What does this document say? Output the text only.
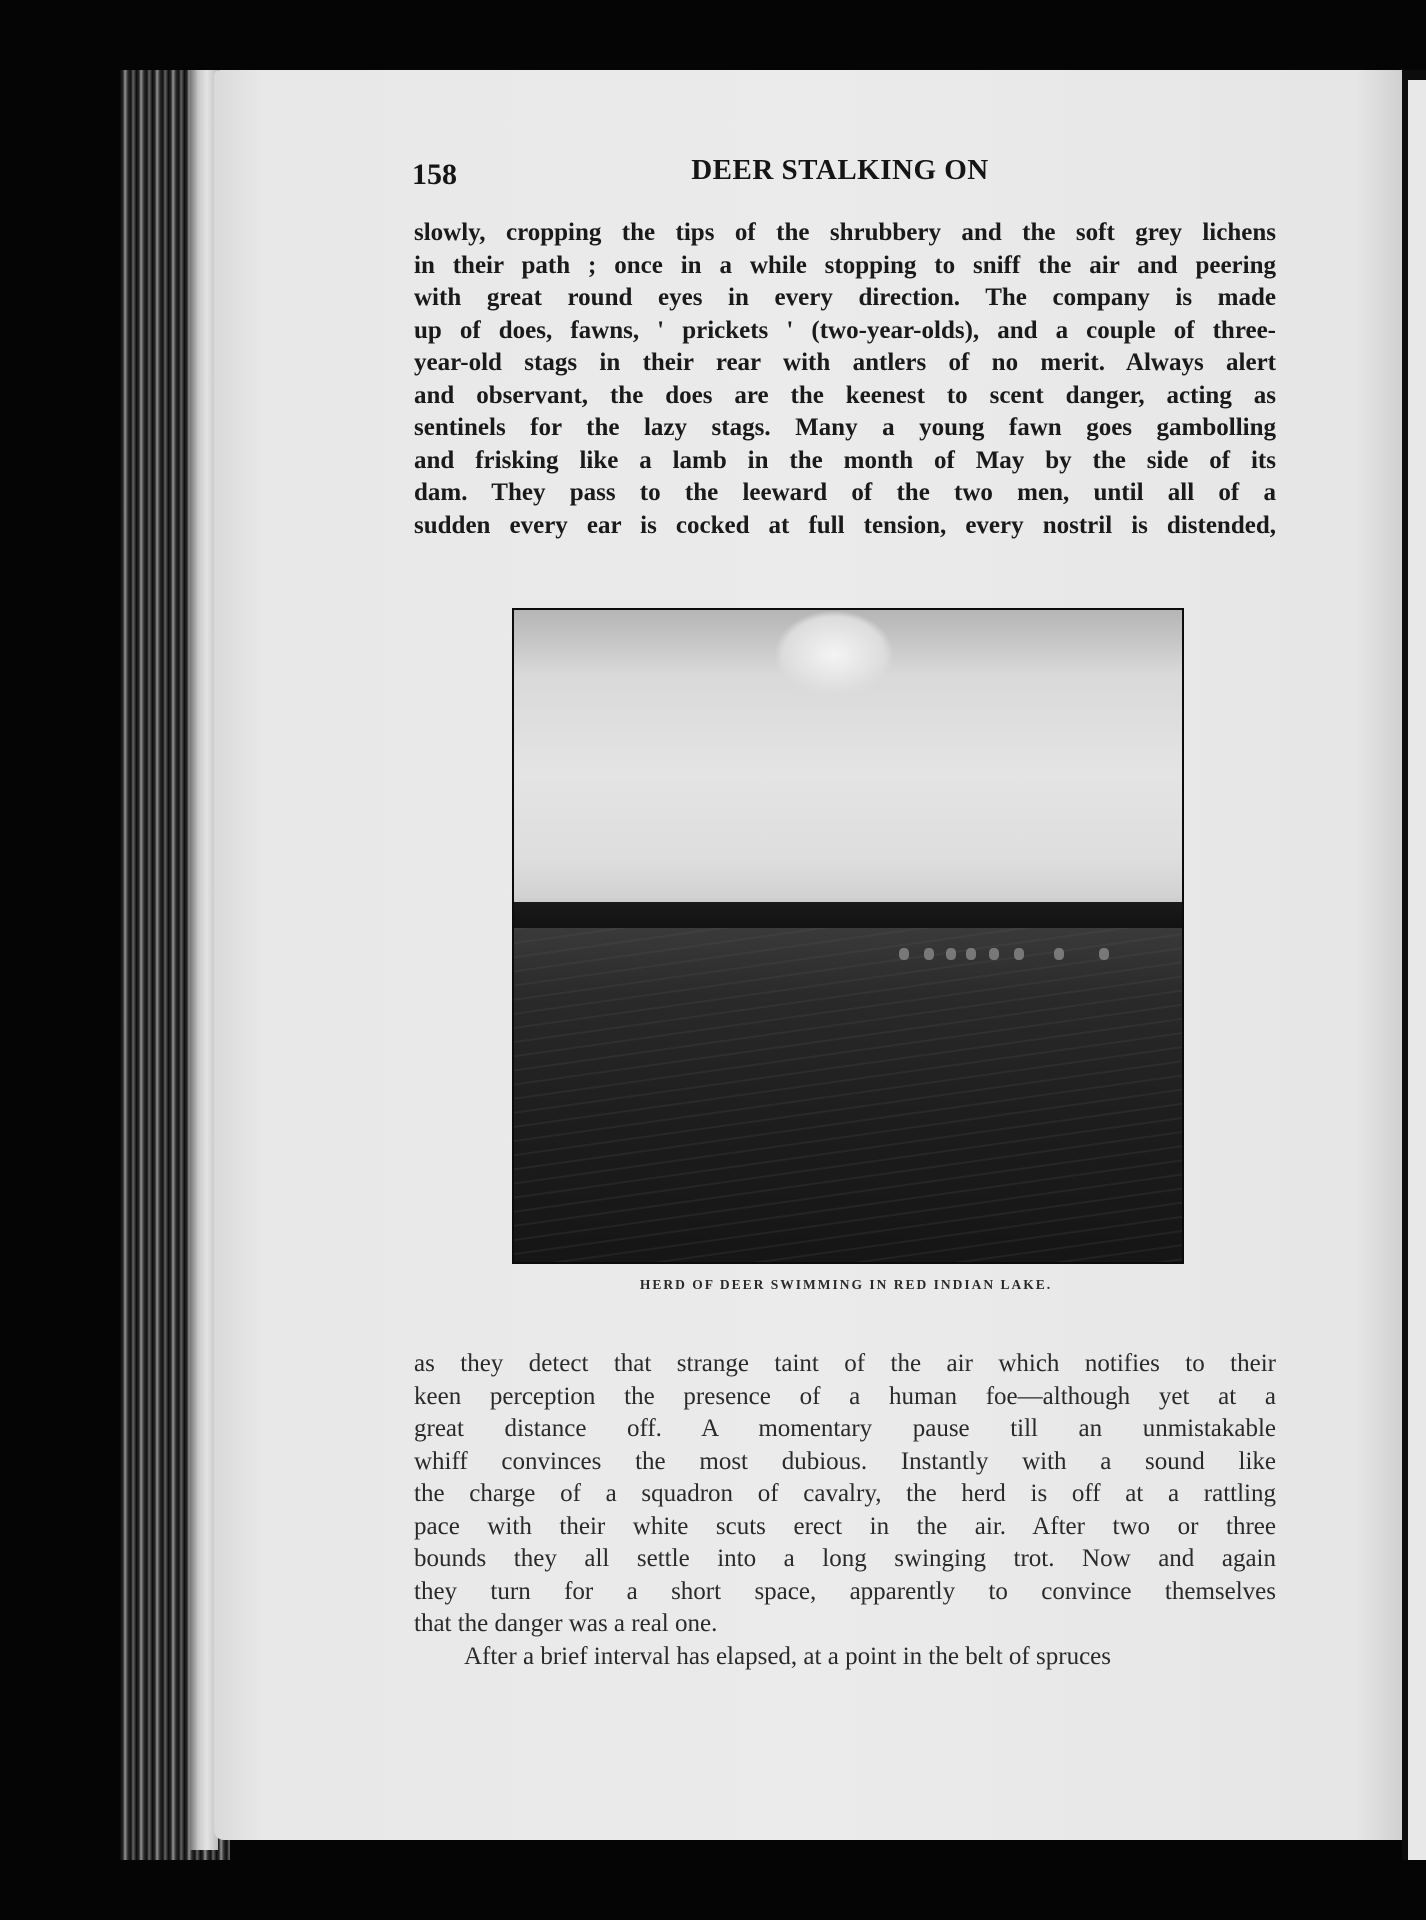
158	DEER STALKING ON
slowly, cropping the tips of the shrubbery and the soft grey lichens
in their path ; once in a while stopping to sniff the air and peering
with great round eyes in every direction. The company is made
up of does, fawns, ' prickets ' (two-year-olds), and a couple of three-
year-old stags in their rear with antlers of no merit. Always alert
and observant, the does are the keenest to scent danger, acting as
sentinels for the lazy stags. Many a young fawn goes gambolling
and frisking like a lamb in the month of May by the side of its
dam. They pass to the leeward of the two men, until all of a
sudden every ear is cocked at full tension, every nostril is distended,
HERD OF DEER SWIMMING IN RED INDIAN LAKE.
as they detect that strange taint of the air which notifies to their
keen perception the presence of a human foe—although yet at a
great distance off. A momentary pause till an unmistakable
whiff convinces the most dubious. Instantly with a sound like
the charge of a squadron of cavalry, the herd is off at a rattling
pace with their white scuts erect in the air. After two or three
bounds they all settle into a long swinging trot. Now and again
they turn for a short space, apparently to convince themselves
that the danger was a real one.
After a brief interval has elapsed, at a point in the belt of spruces
